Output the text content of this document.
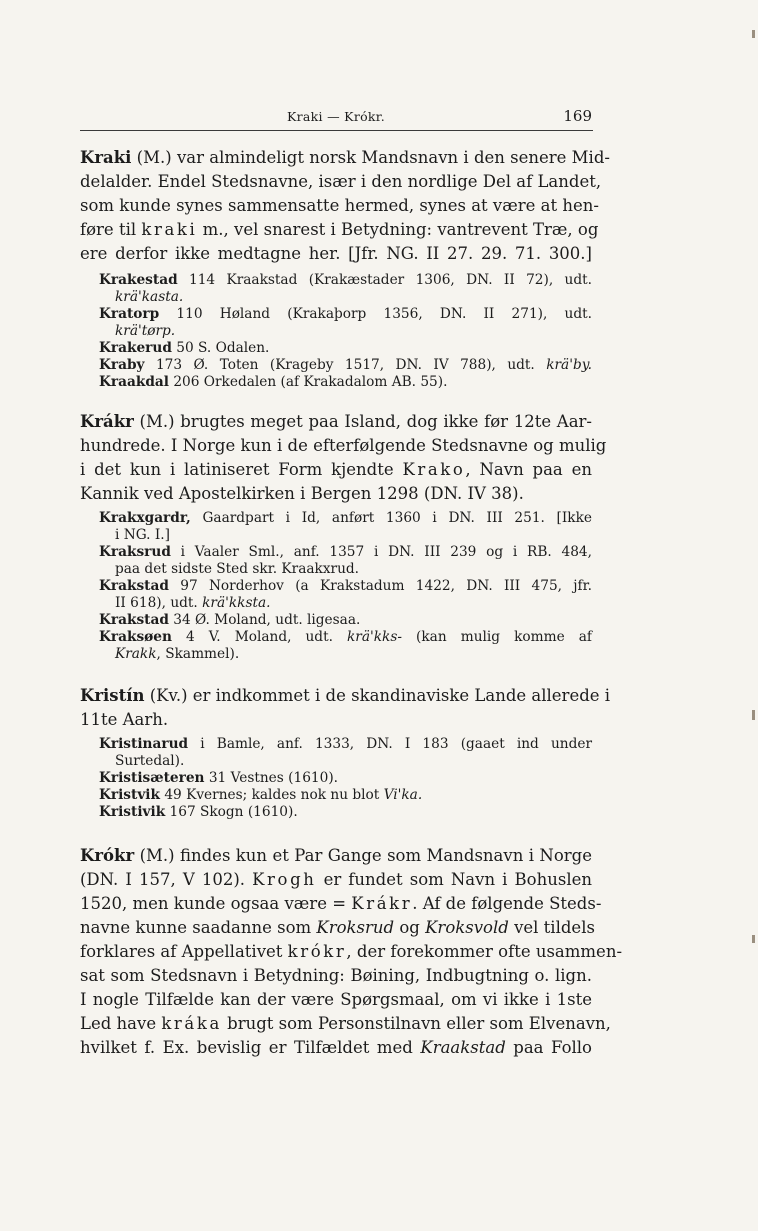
Kraki — Krókr.	169
Kraki (M.) var almindeligt norsk Mandsnavn i den senere Mid-
delalder. Endel Stedsnavne, især i den nordlige Del af Landet,
som kunde synes sammensatte hermed, synes at være at hen-
føre til kraki m., vel snarest i Betydning: vantrevent Træ, og
ere derfor ikke medtagne her. [Jfr. NG. II 27. 29. 71. 300.]
Krakestad 114 Kraakstad (Krakæstader 1306, DN. II 72), udt.
krä'kasta.
Kratorp 110 Høland (Krakaþorp 1356, DN. II 271), udt.
krä'tørp.
Krakerud 50 S. Odalen.
Kraby 173 Ø. Toten (Krageby 1517, DN. IV 788), udt. krä'by.
Kraakdal 206 Orkedalen (af Krakadalom AB. 55).
Krákr (M.) brugtes meget paa Island, dog ikke før 12te Aar-
hundrede. I Norge kun i de efterfølgende Stedsnavne og mulig
i det kun i latiniseret Form kjendte Krako, Navn paa en
Kannik ved Apostelkirken i Bergen 1298 (DN. IV 38).
Krakxgardr, Gaardpart i Id, anført 1360 i DN. III 251. [Ikke
i NG. I.]
Kraksrud i Vaaler Sml., anf. 1357 i DN. III 239 og i RB. 484,
paa det sidste Sted skr. Kraakxrud.
Krakstad 97 Norderhov (a Krakstadum 1422, DN. III 475, jfr.
II 618), udt. krä'kksta.
Krakstad 34 Ø. Moland, udt. ligesaa.
Kraksøen 4 V. Moland, udt. krä'kks- (kan mulig komme af
Krakk, Skammel).
Kristín (Kv.) er indkommet i de skandinaviske Lande allerede i
11te Aarh.
Kristinarud i Bamle, anf. 1333, DN. I 183 (gaaet ind under
Surtedal).
Kristisæteren 31 Vestnes (1610).
Kristvik 49 Kvernes; kaldes nok nu blot Vi'ka.
Kristivik 167 Skogn (1610).
Krókr (M.) findes kun et Par Gange som Mandsnavn i Norge
(DN. I 157, V 102). Krogh er fundet som Navn i Bohuslen
1520, men kunde ogsaa være = Krákr. Af de følgende Steds-
navne kunne saadanne som Kroksrud og Kroksvold vel tildels
forklares af Appellativet krókr, der forekommer ofte usammen-
sat som Stedsnavn i Betydning: Bøining, Indbugtning o. lign.
I nogle Tilfælde kan der være Spørgsmaal, om vi ikke i 1ste
Led have kráka brugt som Personstilnavn eller som Elvenavn,
hvilket f. Ex. bevislig er Tilfældet med Kraakstad paa Follo
